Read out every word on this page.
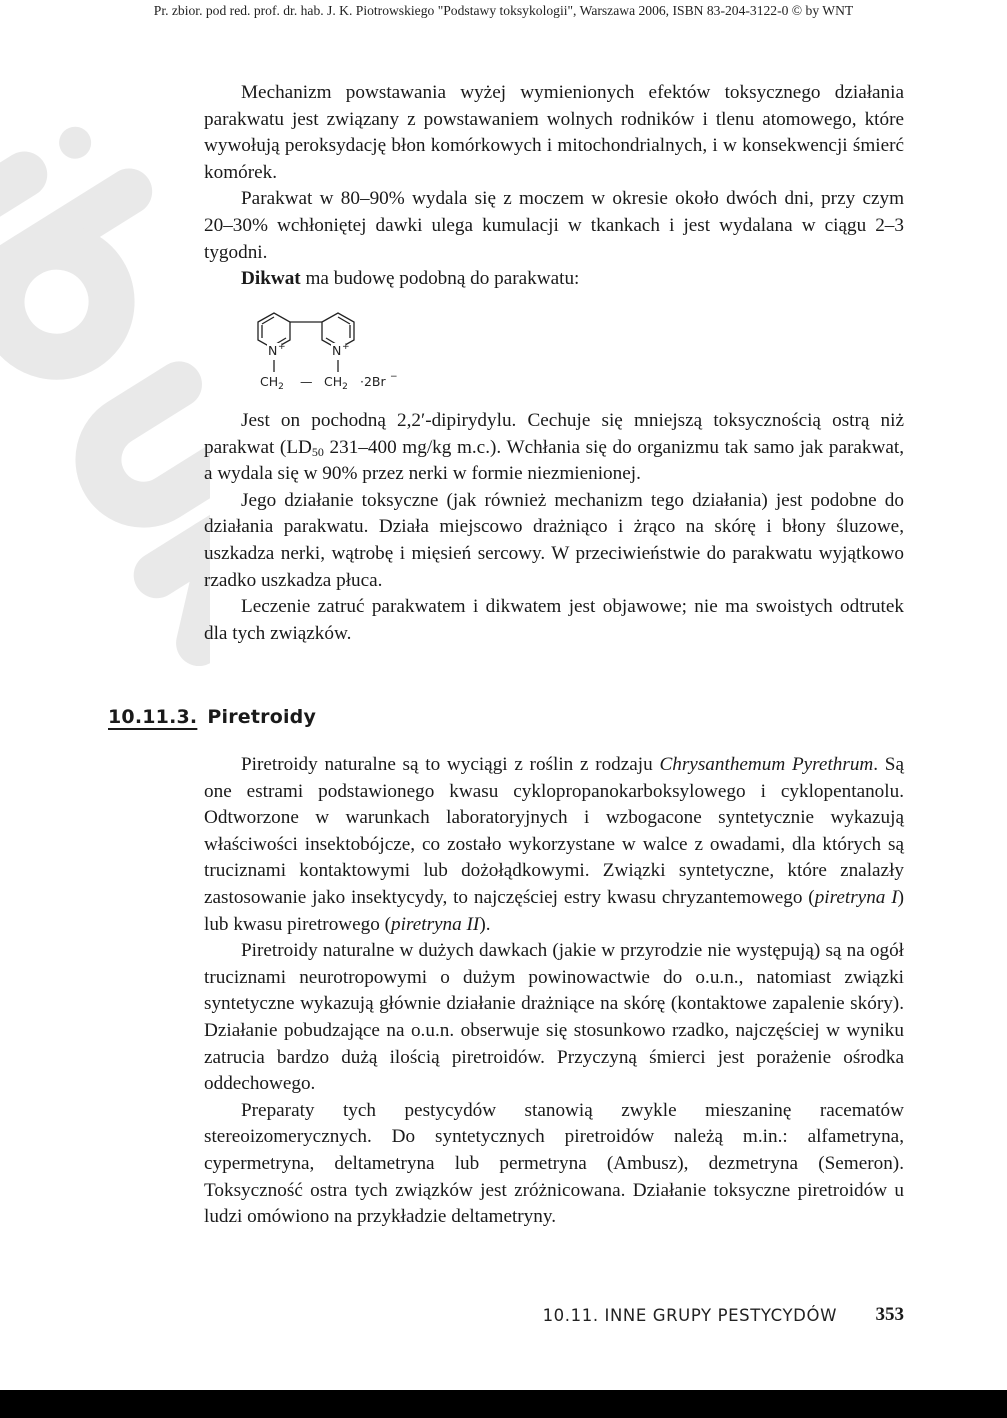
Pr. zbior. pod red. prof. dr. hab. J. K. Piotrowskiego "Podstawy toksykologii", Warszawa 2006, ISBN 83-204-3122-0 © by WNT

Mechanizm powstawania wyżej wymienionych efektów toksycznego działania parakwatu jest związany z powstawaniem wolnych rodników i tlenu atomowego, które wywołują peroksydację błon komórkowych i mitochondrialnych, i w konsekwencji śmierć komórek.

Parakwat w 80–90% wydala się z moczem w okresie około dwóch dni, przy czym 20–30% wchłoniętej dawki ulega kumulacji w tkankach i jest wydalana w ciągu 2–3 tygodni.

Dikwat ma budowę podobną do parakwatu:
N +	N +
$CH_2$ — $CH_2 \cdot 2Br$ −

Jest on pochodną 2,2′-dipirydylu. Cechuje się mniejszą toksycznością ostrą niż parakwat ($LD_{50}$ 231–400 mg/kg m.c.). Wchłania się do organizmu tak samo jak parakwat, a wydala się w 90% przez nerki w formie niezmienionej.

Jego działanie toksyczne (jak również mechanizm tego działania) jest podobne do działania parakwatu. Działa miejscowo drażniąco i żrąco na skórę i błony śluzowe, uszkadza nerki, wątrobę i mięsień sercowy. W przeciwieństwie do parakwatu wyjątkowo rzadko uszkadza płuca.

Leczenie zatruć parakwatem i dikwatem jest objawowe; nie ma swoistych odtrutek dla tych związków.

10.11.3. Piretroidy

Piretroidy naturalne są to wyciągi z roślin z rodzaju Chrysanthemum Pyrethrum. Są one estrami podstawionego kwasu cyklopropanokarboksylowego i cyklopentanolu. Odtworzone w warunkach laboratoryjnych i wzbogacone syntetycznie wykazują właściwości insektobójcze, co zostało wykorzystane w walce z owadami, dla których są truciznami kontaktowymi lub dożołądkowymi. Związki syntetyczne, które znalazły zastosowanie jako insektycydy, to najczęściej estry kwasu chryzantemowego (piretryna I) lub kwasu piretrowego (piretryna II).

Piretroidy naturalne w dużych dawkach (jakie w przyrodzie nie występują) są na ogół truciznami neurotropowymi o dużym powinowactwie do o.u.n., natomiast związki syntetyczne wykazują głównie działanie drażniące na skórę (kontaktowe zapalenie skóry). Działanie pobudzające na o.u.n. obserwuje się stosunkowo rzadko, najczęściej w wyniku zatrucia bardzo dużą ilością piretroidów. Przyczyną śmierci jest porażenie ośrodka oddechowego.

Preparaty tych pestycydów stanowią zwykle mieszaninę racematów stereoizomerycznych. Do syntetycznych piretroidów należą m.in.: alfametryna, cypermetryna, deltametryna lub permetryna (Ambusz), dezmetryna (Semeron). Toksyczność ostra tych związków jest zróżnicowana. Działanie toksyczne piretroidów u ludzi omówiono na przykładzie deltametryny.

10.11. INNE GRUPY PESTYCYDÓW 353
